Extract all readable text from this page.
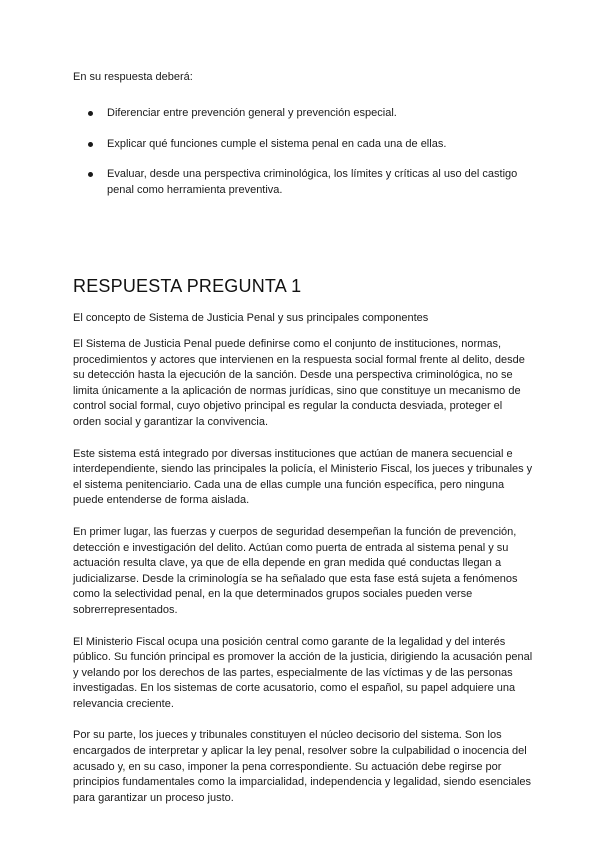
En su respuesta deberá:
Diferenciar entre prevención general y prevención especial.
Explicar qué funciones cumple el sistema penal en cada una de ellas.
Evaluar, desde una perspectiva criminológica, los límites y críticas al uso del castigo penal como herramienta preventiva.
RESPUESTA PREGUNTA 1
El concepto de Sistema de Justicia Penal y sus principales componentes

El Sistema de Justicia Penal puede definirse como el conjunto de instituciones, normas, procedimientos y actores que intervienen en la respuesta social formal frente al delito, desde su detección hasta la ejecución de la sanción. Desde una perspectiva criminológica, no se limita únicamente a la aplicación de normas jurídicas, sino que constituye un mecanismo de control social formal, cuyo objetivo principal es regular la conducta desviada, proteger el orden social y garantizar la convivencia.

Este sistema está integrado por diversas instituciones que actúan de manera secuencial e interdependiente, siendo las principales la policía, el Ministerio Fiscal, los jueces y tribunales y el sistema penitenciario. Cada una de ellas cumple una función específica, pero ninguna puede entenderse de forma aislada.

En primer lugar, las fuerzas y cuerpos de seguridad desempeñan la función de prevención, detección e investigación del delito. Actúan como puerta de entrada al sistema penal y su actuación resulta clave, ya que de ella depende en gran medida qué conductas llegan a judicializarse. Desde la criminología se ha señalado que esta fase está sujeta a fenómenos como la selectividad penal, en la que determinados grupos sociales pueden verse sobrerrepresentados.

El Ministerio Fiscal ocupa una posición central como garante de la legalidad y del interés público. Su función principal es promover la acción de la justicia, dirigiendo la acusación penal y velando por los derechos de las partes, especialmente de las víctimas y de las personas investigadas. En los sistemas de corte acusatorio, como el español, su papel adquiere una relevancia creciente.

Por su parte, los jueces y tribunales constituyen el núcleo decisorio del sistema. Son los encargados de interpretar y aplicar la ley penal, resolver sobre la culpabilidad o inocencia del acusado y, en su caso, imponer la pena correspondiente. Su actuación debe regirse por principios fundamentales como la imparcialidad, independencia y legalidad, siendo esenciales para garantizar un proceso justo.
